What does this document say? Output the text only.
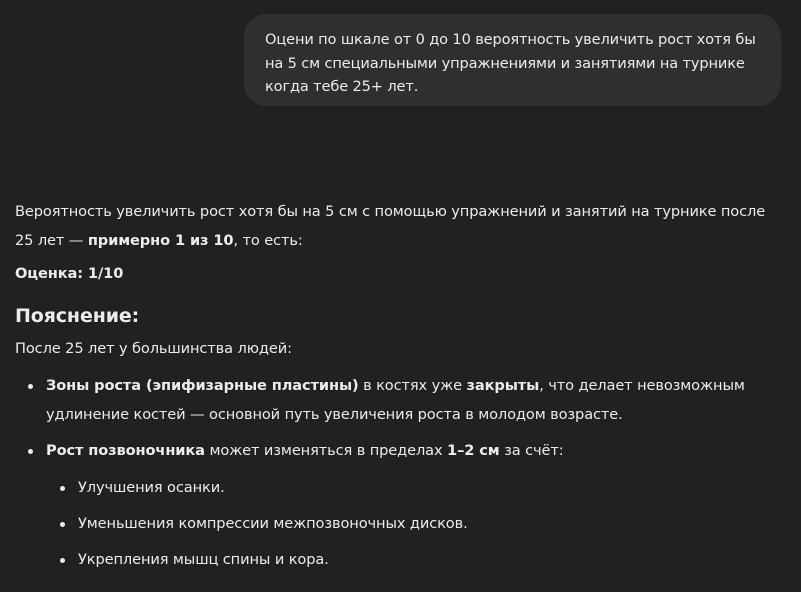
Оцени по шкале от 0 до 10 вероятность увеличить рост хотя бы на 5 см специальными упражнениями и занятиями на турнике когда тебе 25+ лет.

Вероятность увеличить рост хотя бы на 5 см с помощью упражнений и занятий на турнике после 25 лет — примерно 1 из 10, то есть:

Оценка: 1/10

Пояснение:

После 25 лет у большинства людей:

Зоны роста (эпифизарные пластины) в костях уже закрыты, что делает невозможным удлинение костей — основной путь увеличения роста в молодом возрасте.
Рост позвоночника может изменяться в пределах 1–2 см за счёт:
Улучшения осанки.
Уменьшения компрессии межпозвоночных дисков.
Укрепления мышц спины и кора.
